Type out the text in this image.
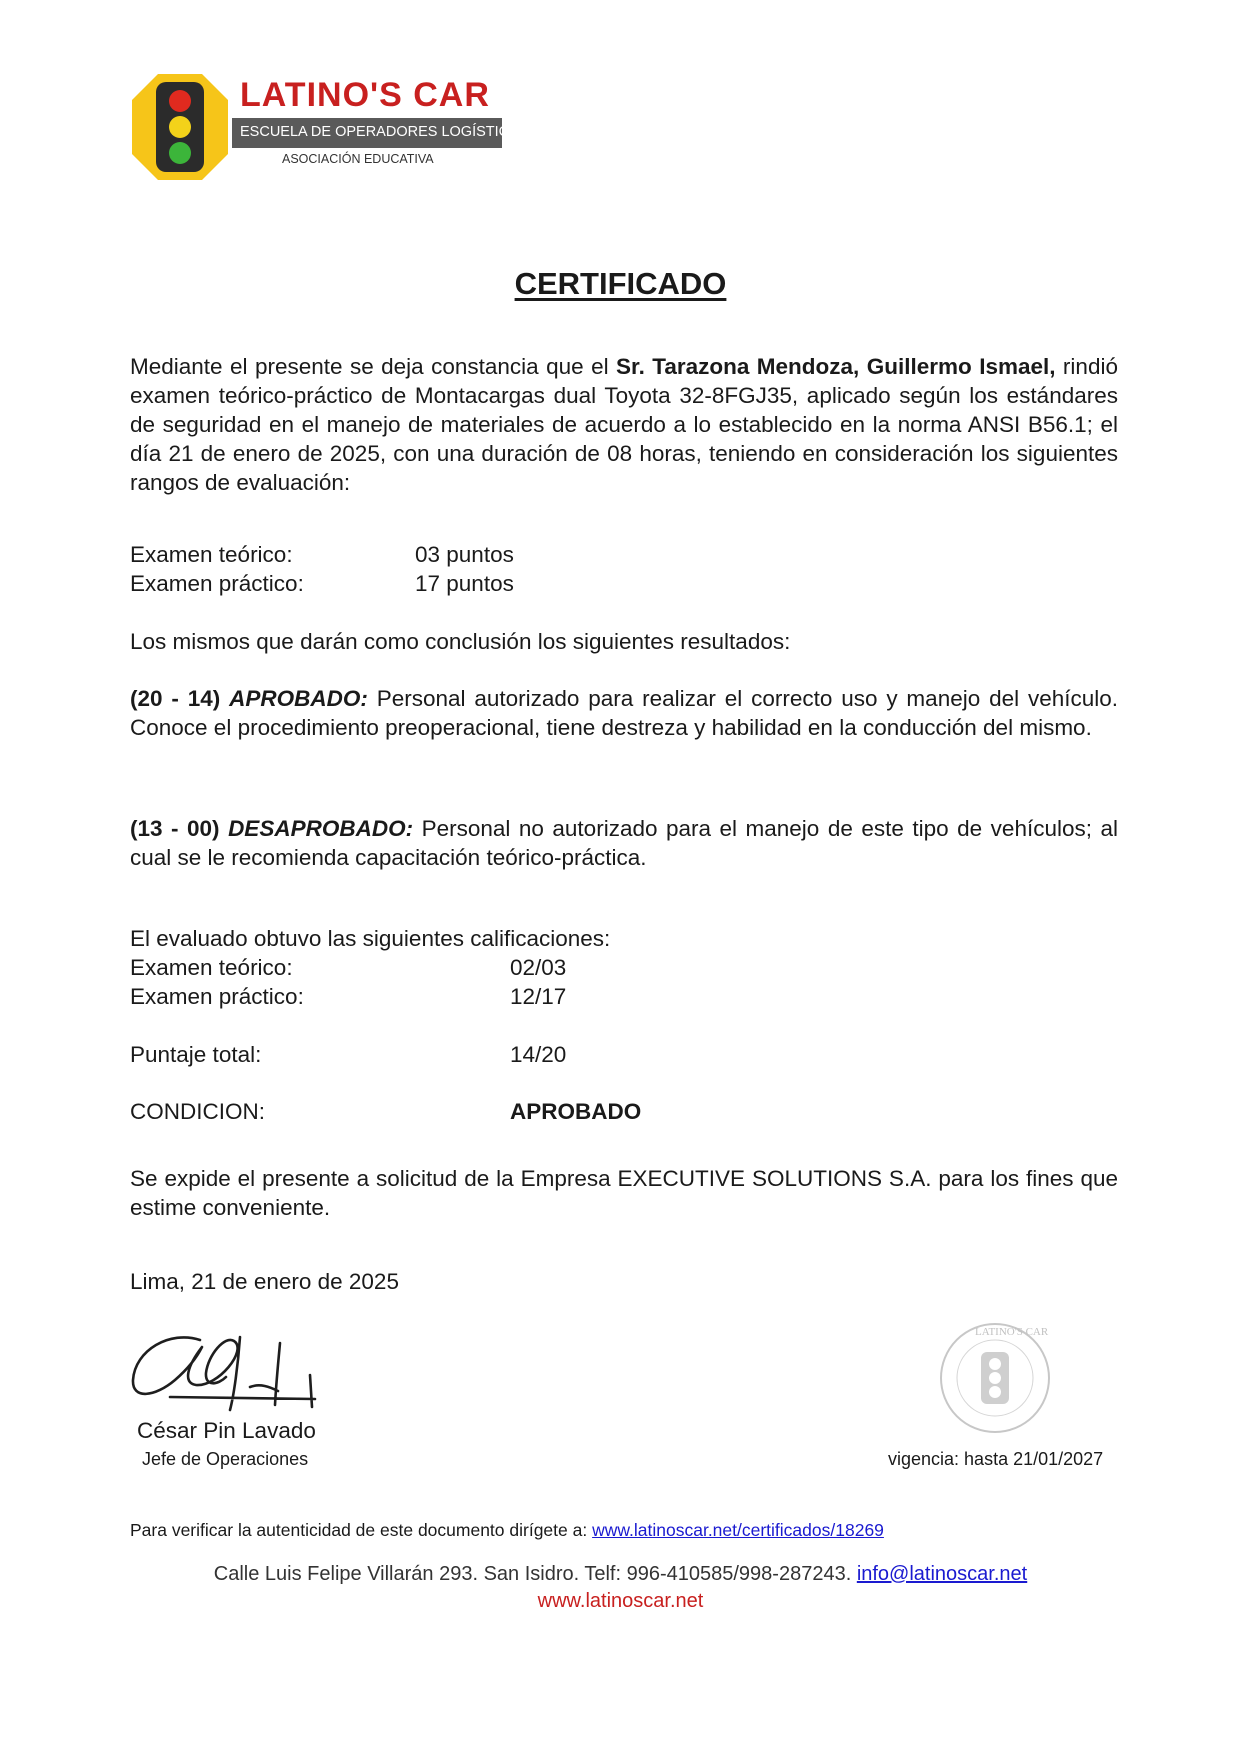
LATINO'S CAR
ESCUELA DE OPERADORES LOGÍSTICOS
ASOCIACIÓN EDUCATIVA
CERTIFICADO
Mediante el presente se deja constancia que el Sr. Tarazona Mendoza, Guillermo Ismael, rindió examen teórico-práctico de Montacargas dual Toyota 32-8FGJ35, aplicado según los estándares de seguridad en el manejo de materiales de acuerdo a lo establecido en la norma ANSI B56.1; el día 21 de enero de 2025, con una duración de 08 horas, teniendo en consideración los siguientes rangos de evaluación:
Examen teórico:	03 puntos
Examen práctico:	17 puntos
Los mismos que darán como conclusión los siguientes resultados:
(20 - 14) APROBADO: Personal autorizado para realizar el correcto uso y manejo del vehículo. Conoce el procedimiento preoperacional, tiene destreza y habilidad en la conducción del mismo.
(13 - 00) DESAPROBADO: Personal no autorizado para el manejo de este tipo de vehículos; al cual se le recomienda capacitación teórico-práctica.
El evaluado obtuvo las siguientes calificaciones:
Examen teórico:	02/03
Examen práctico:	12/17
Puntaje total:	14/20
CONDICION:	APROBADO
Se expide el presente a solicitud de la Empresa EXECUTIVE SOLUTIONS S.A. para los fines que estime conveniente.
Lima, 21 de enero de 2025
César Pin Lavado
Jefe de Operaciones
LATINO'S CAR
vigencia: hasta 21/01/2027
Para verificar la autenticidad de este documento dirígete a: www.latinoscar.net/certificados/18269
Calle Luis Felipe Villarán 293. San Isidro. Telf: 996-410585/998-287243. info@latinoscar.net
www.latinoscar.net
